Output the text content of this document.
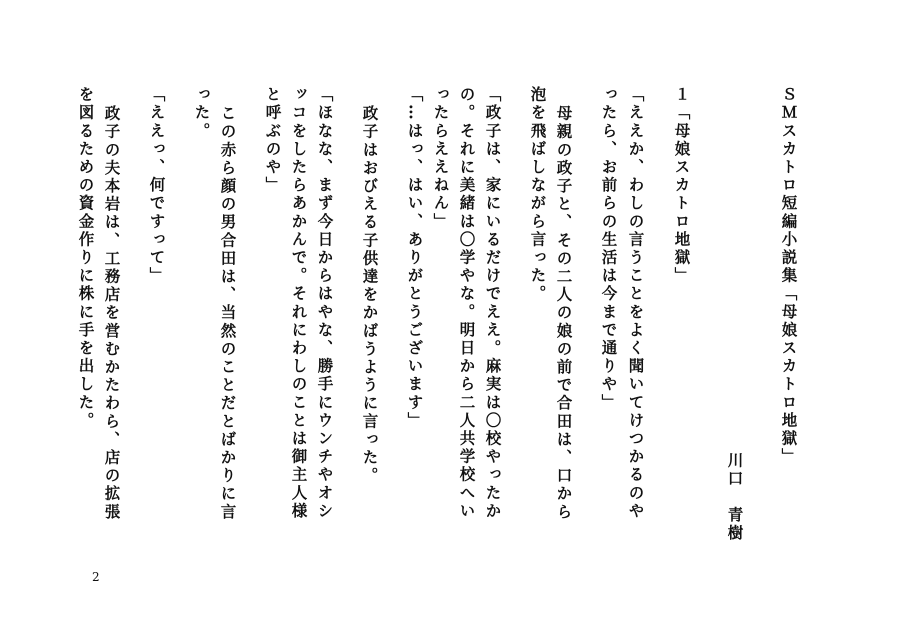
ＳＭスカトロ短編小説集「母娘スカトロ地獄」
川口　青樹
１「母娘スカトロ地獄」
「ええか、わしの言うことをよく聞いてけつかるのや
ったら、お前らの生活は今まで通りや」
母親の政子と、その二人の娘の前で合田は、口から
泡を飛ばしながら言った。
「政子は、家にいるだけでええ。麻実は〇校やったか
の。それに美緒は〇学やな。明日から二人共学校へい
ったらええねん」
「…はっ、はい、ありがとうございます」
政子はおびえる子供達をかばうように言った。
「ほなな、まず今日からはやな、勝手にウンチやオシ
ッコをしたらあかんで。それにわしのことは御主人様
と呼ぶのや」
この赤ら顔の男合田は、当然のことだとばかりに言
った。
「ええっ、何ですって」
政子の夫本岩は、工務店を営むかたわら、店の拡張
を図るための資金作りに株に手を出した。
2
